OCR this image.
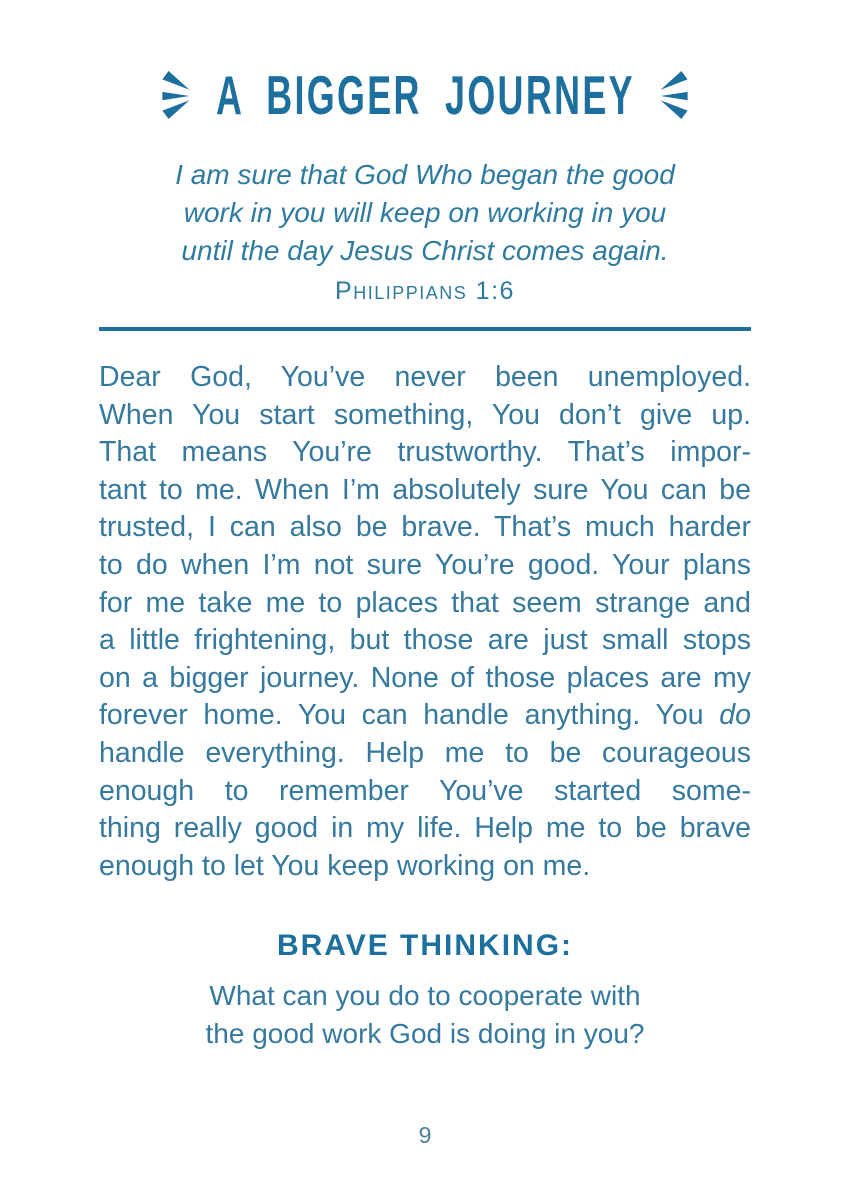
A BIGGER JOURNEY
I am sure that God Who began the good
work in you will keep on working in you
until the day Jesus Christ comes again.
Philippians 1:6
Dear God, You’ve never been unemployed.
When You start something, You don’t give up.
That means You’re trustworthy. That’s impor-
tant to me. When I’m absolutely sure You can be
trusted, I can also be brave. That’s much harder
to do when I’m not sure You’re good. Your plans
for me take me to places that seem strange and
a little frightening, but those are just small stops
on a bigger journey. None of those places are my
forever home. You can handle anything. You do
handle everything. Help me to be courageous
enough to remember You’ve started some-
thing really good in my life. Help me to be brave
enough to let You keep working on me.
BRAVE THINKING:
What can you do to cooperate with
the good work God is doing in you?
9
